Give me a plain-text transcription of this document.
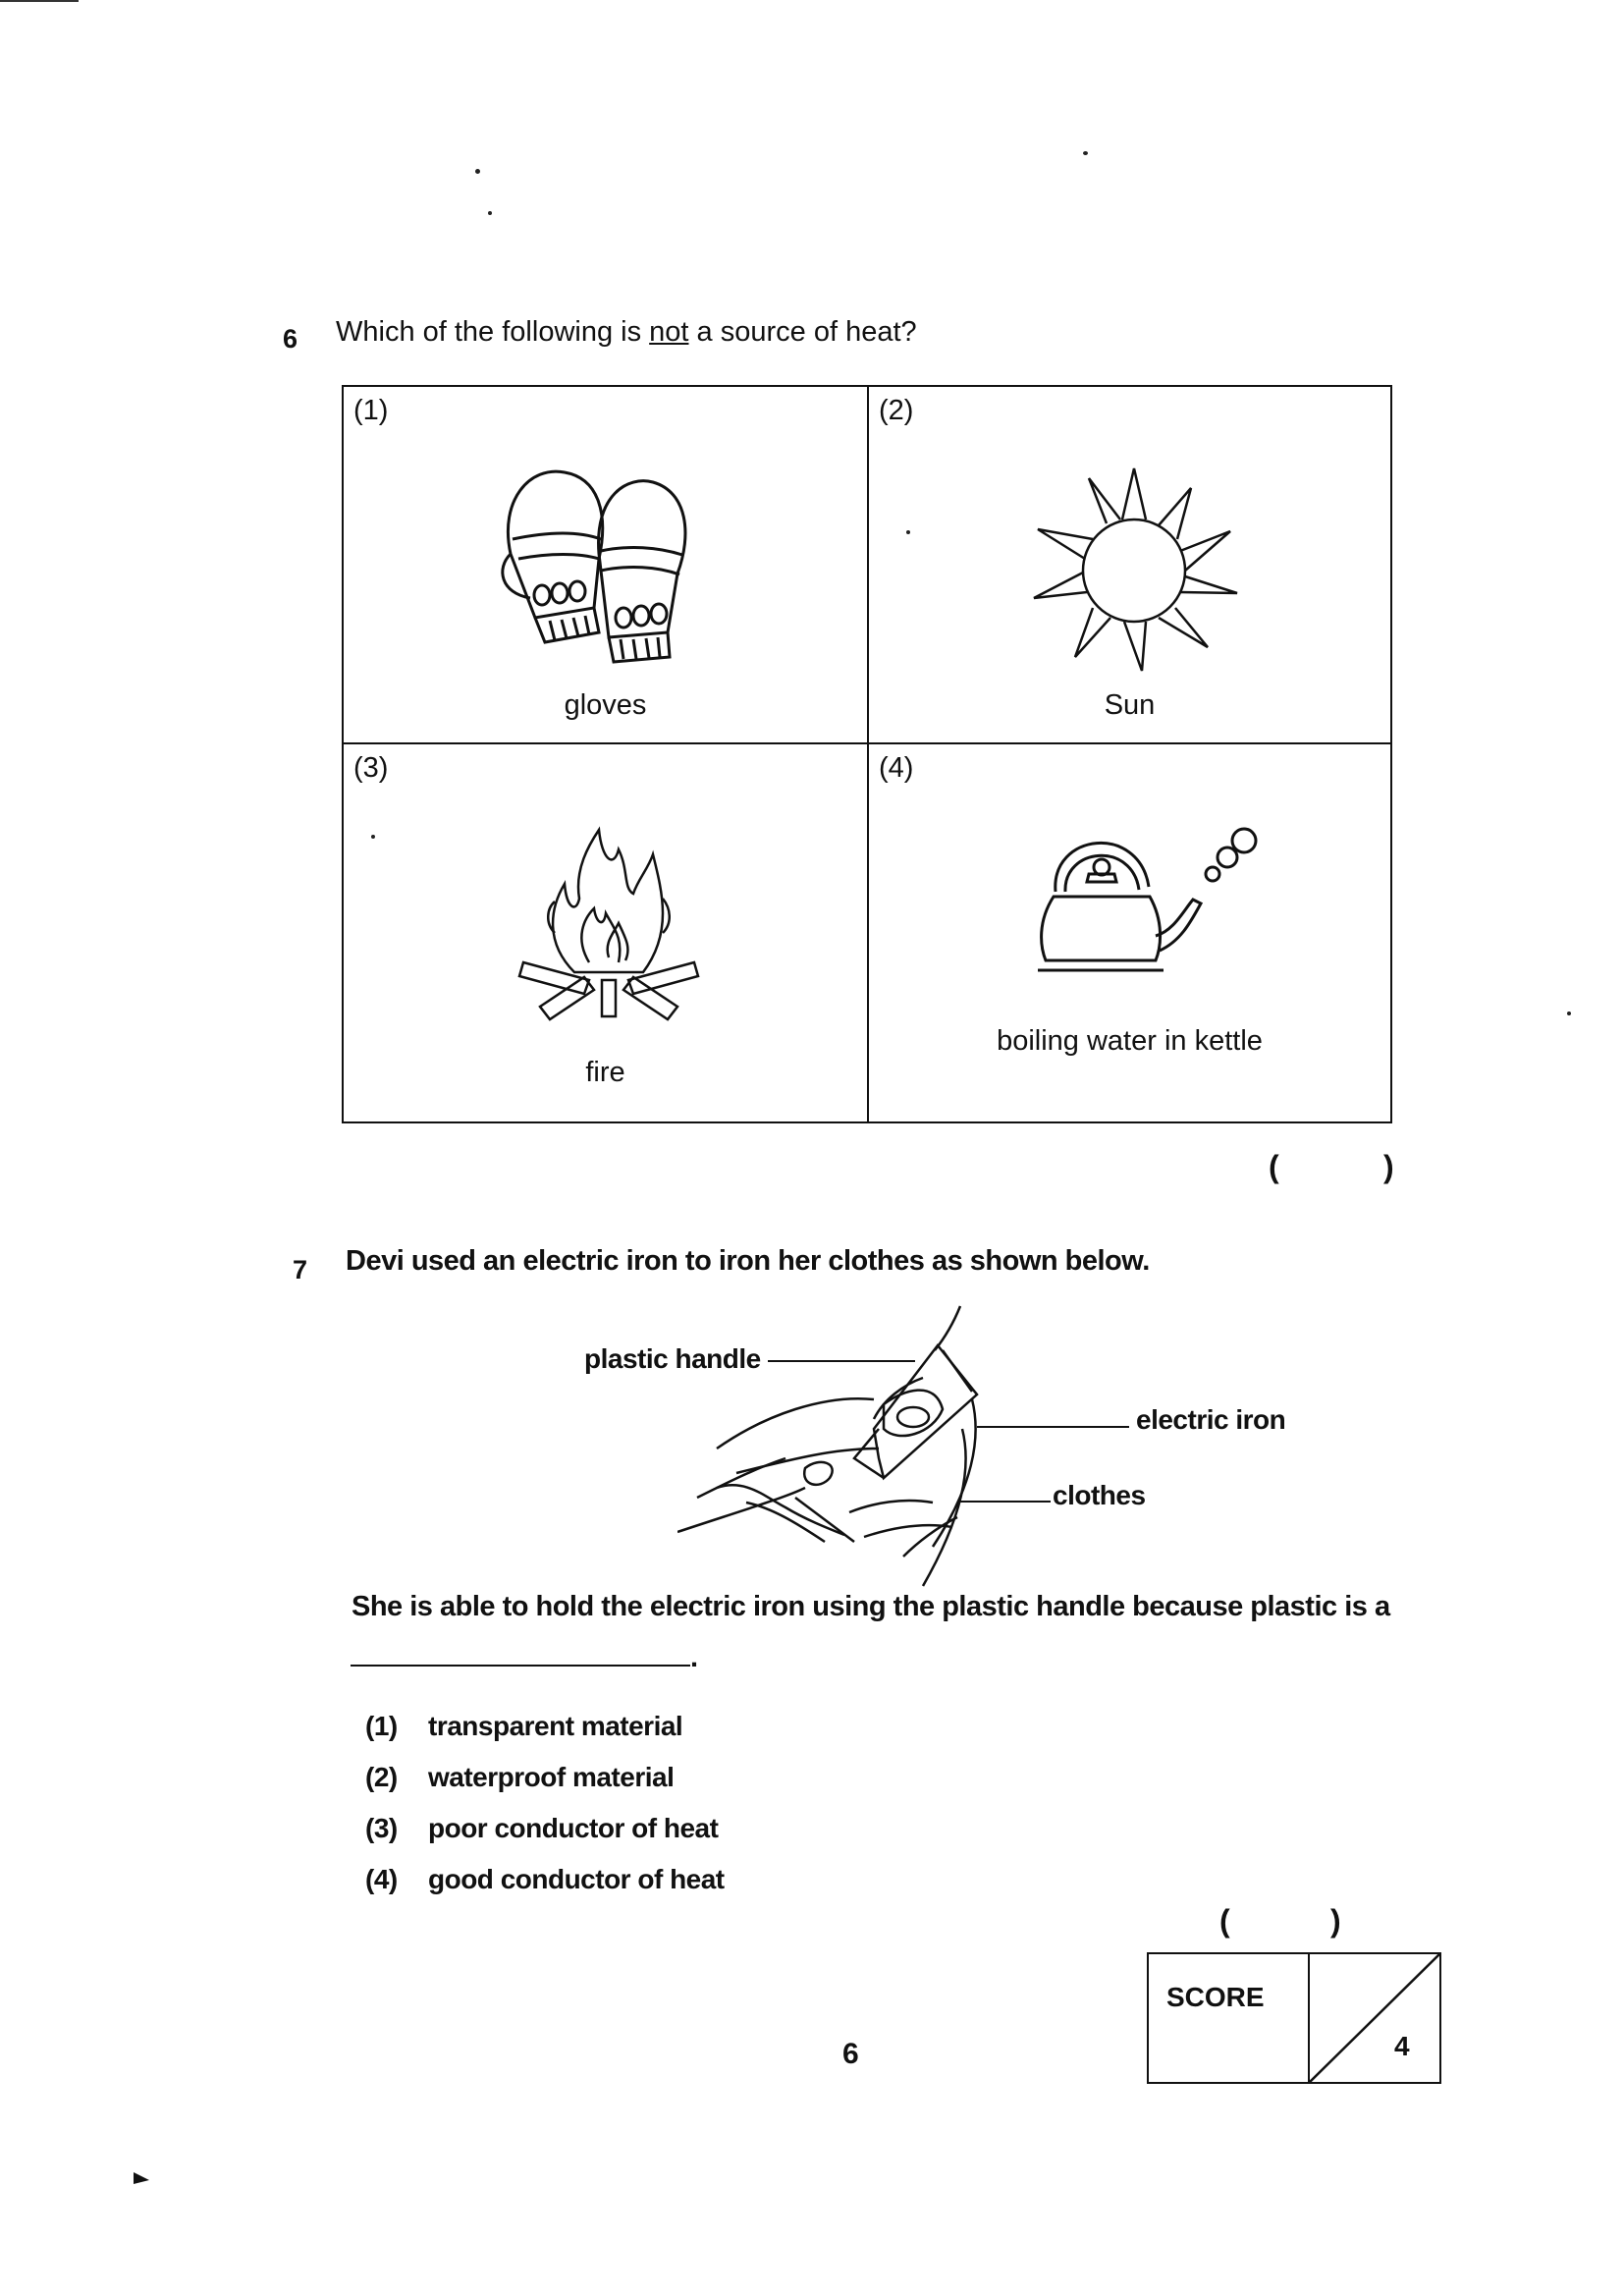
6 Which of the following is not a source of heat?
(1)
gloves
(2)
Sun
(3)
fire
(4)
boiling water in kettle
(	)
7 Devi used an electric iron to iron her clothes as shown below.
plastic handle
electric iron
clothes
She is able to hold the electric iron using the plastic handle because plastic is a
.
(1) transparent material
(2) waterproof material
(3) poor conductor of heat
(4) good conductor of heat
(	)
SCORE
4
6
